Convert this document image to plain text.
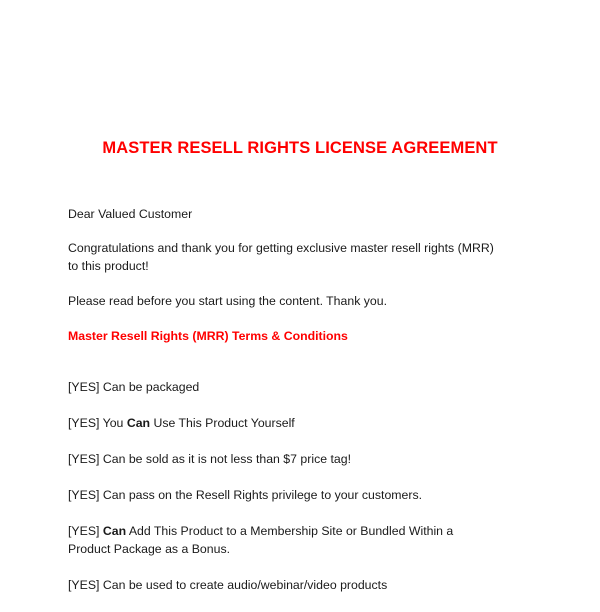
MASTER RESELL RIGHTS LICENSE AGREEMENT

Dear Valued Customer

Congratulations and thank you for getting exclusive master resell rights (MRR) to this product!

Please read before you start using the content. Thank you.

Master Resell Rights (MRR) Terms & Conditions

[YES] Can be packaged

[YES] You Can Use This Product Yourself

[YES] Can be sold as it is not less than $7 price tag!

[YES] Can pass on the Resell Rights privilege to your customers.

[YES] Can Add This Product to a Membership Site or Bundled Within a Product Package as a Bonus.

[YES] Can be used to create audio/webinar/video products
